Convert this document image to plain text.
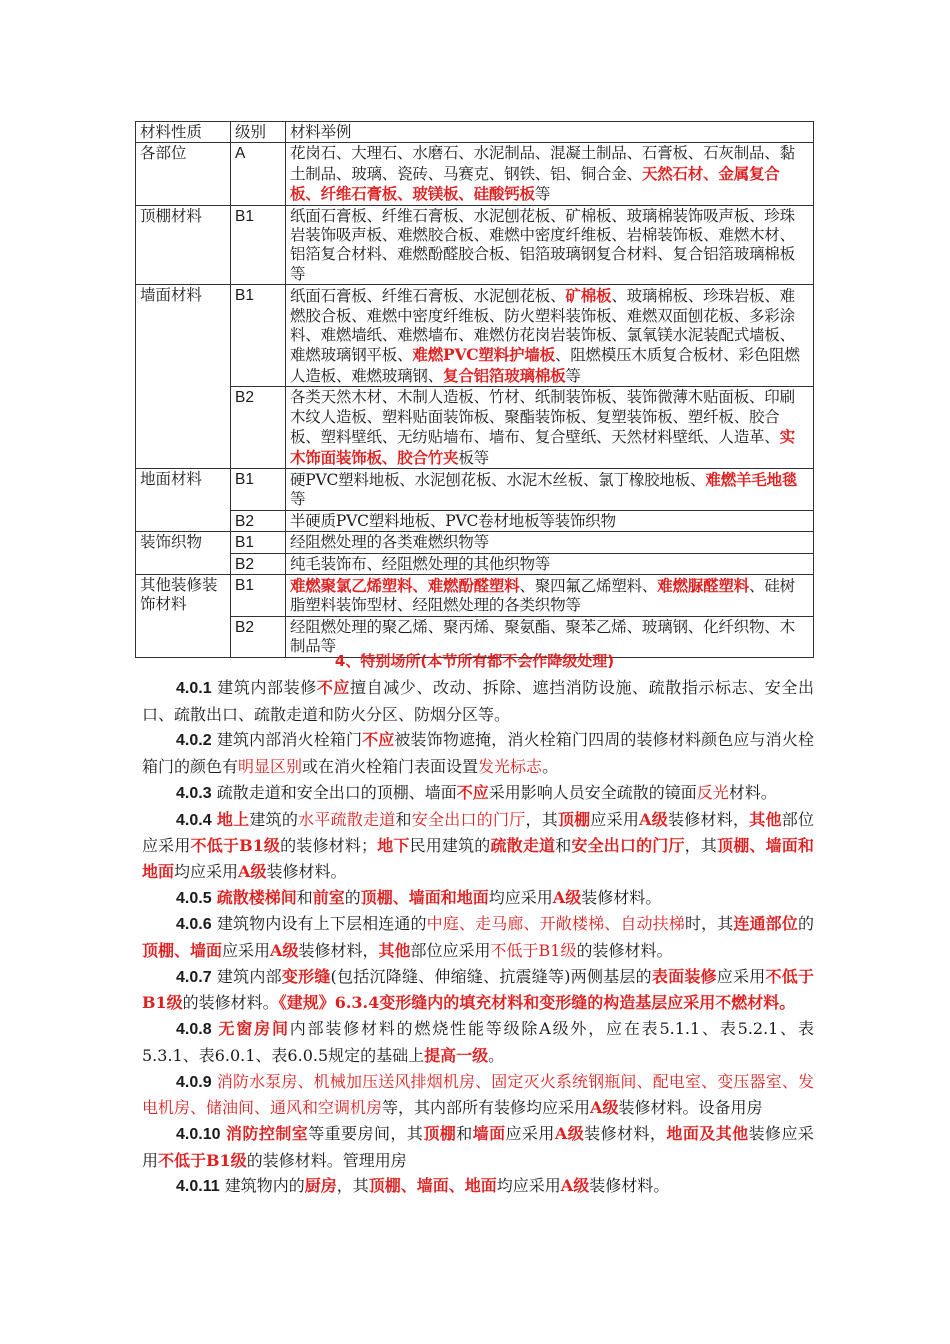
材料性质	级别	材料举例
各部位	A	花岗石、大理石、水磨石、水泥制品、混凝土制品、石膏板、石灰制品、黏土制品、玻璃、瓷砖、马赛克、钢铁、铝、铜合金、天然石材、金属复合板、纤维石膏板、玻镁板、硅酸钙板等
顶棚材料	B1	纸面石膏板、纤维石膏板、水泥刨花板、矿棉板、玻璃棉装饰吸声板、珍珠岩装饰吸声板、难燃胶合板、难燃中密度纤维板、岩棉装饰板、难燃木材、铝箔复合材料、难燃酚醛胶合板、铝箔玻璃钢复合材料、复合铝箔玻璃棉板等
墙面材料	B1	纸面石膏板、纤维石膏板、水泥刨花板、矿棉板、玻璃棉板、珍珠岩板、难燃胶合板、难燃中密度纤维板、防火塑料装饰板、难燃双面刨花板、多彩涂料、难燃墙纸、难燃墙布、难燃仿花岗岩装饰板、氯氧镁水泥装配式墙板、难燃玻璃钢平板、难燃PVC塑料护墙板、阻燃模压木质复合板材、彩色阻燃人造板、难燃玻璃钢、复合铝箔玻璃棉板等
	B2	各类天然木材、木制人造板、竹材、纸制装饰板、装饰微薄木贴面板、印刷木纹人造板、塑料贴面装饰板、聚酯装饰板、复塑装饰板、塑纤板、胶合板、塑料壁纸、无纺贴墙布、墙布、复合壁纸、天然材料壁纸、人造革、实木饰面装饰板、胶合竹夹板等
地面材料	B1	硬PVC塑料地板、水泥刨花板、水泥木丝板、氯丁橡胶地板、难燃羊毛地毯等
	B2	半硬质PVC塑料地板、PVC卷材地板等装饰织物
装饰织物	B1	经阻燃处理的各类难燃织物等
	B2	纯毛装饰布、经阻燃处理的其他织物等
其他装修装饰材料	B1	难燃聚氯乙烯塑料、难燃酚醛塑料、聚四氟乙烯塑料、难燃脲醛塑料、硅树脂塑料装饰型材、经阻燃处理的各类织物等
	B2	经阻燃处理的聚乙烯、聚丙烯、聚氨酯、聚苯乙烯、玻璃钢、化纤织物、木制品等
4、特别场所(本节所有都不会作降级处理)

4.0.1 建筑内部装修不应擅自减少、改动、拆除、遮挡消防设施、疏散指示标志、安全出口、疏散出口、疏散走道和防火分区、防烟分区等。

4.0.2 建筑内部消火栓箱门不应被装饰物遮掩，消火栓箱门四周的装修材料颜色应与消火栓箱门的颜色有明显区别或在消火栓箱门表面设置发光标志。

4.0.3 疏散走道和安全出口的顶棚、墙面不应采用影响人员安全疏散的镜面反光材料。

4.0.4 地上建筑的水平疏散走道和安全出口的门厅，其顶棚应采用A级装修材料，其他部位应采用不低于B1级的装修材料；地下民用建筑的疏散走道和安全出口的门厅，其顶棚、墙面和地面均应采用A级装修材料。

4.0.5 疏散楼梯间和前室的顶棚、墙面和地面均应采用A级装修材料。

4.0.6 建筑物内设有上下层相连通的中庭、走马廊、开敞楼梯、自动扶梯时，其连通部位的顶棚、墙面应采用A级装修材料，其他部位应采用不低于B1级的装修材料。

4.0.7 建筑内部变形缝(包括沉降缝、伸缩缝、抗震缝等)两侧基层的表面装修应采用不低于B1级的装修材料。《建规》6.3.4变形缝内的填充材料和变形缝的构造基层应采用不燃材料。

4.0.8 无窗房间内部装修材料的燃烧性能等级除A级外，应在表5.1.1、表5.2.1、表5.3.1、表6.0.1、表6.0.5规定的基础上提高一级。

4.0.9 消防水泵房、机械加压送风排烟机房、固定灭火系统钢瓶间、配电室、变压器室、发电机房、储油间、通风和空调机房等，其内部所有装修均应采用A级装修材料。设备用房

4.0.10 消防控制室等重要房间，其顶棚和墙面应采用A级装修材料，地面及其他装修应采用不低于B1级的装修材料。管理用房

4.0.11 建筑物内的厨房，其顶棚、墙面、地面均应采用A级装修材料。
